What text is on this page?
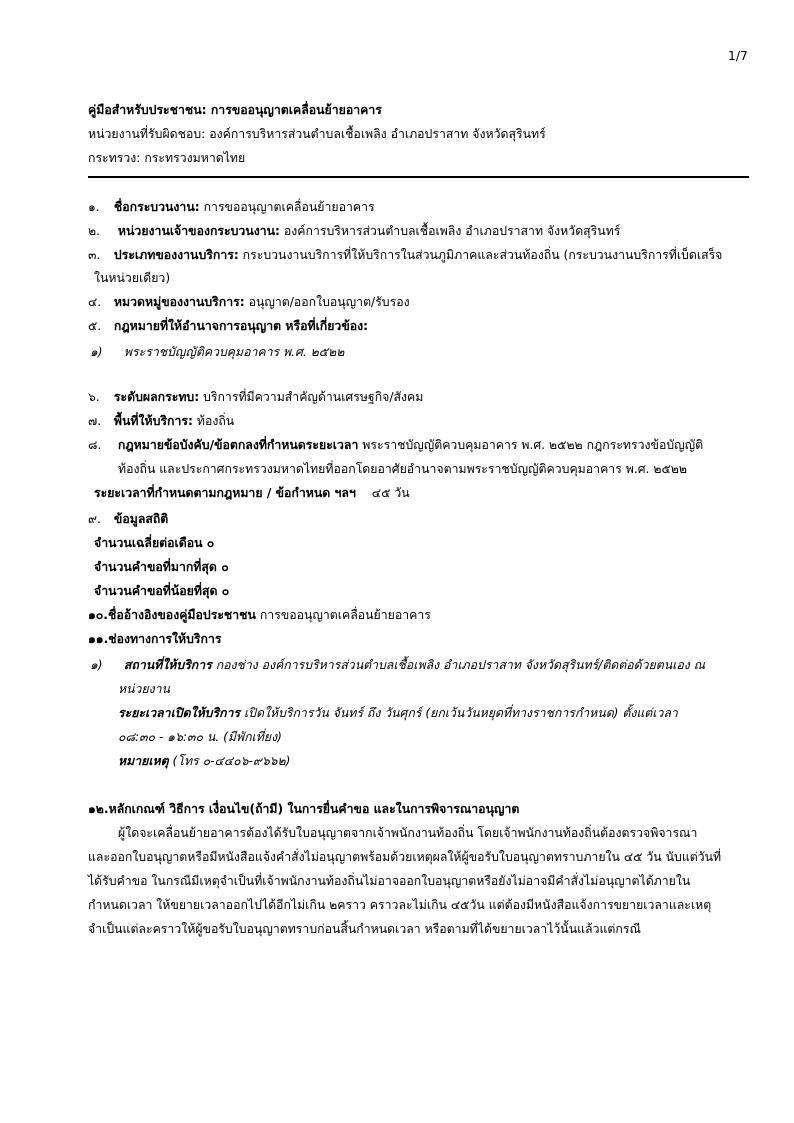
1/7
คู่มือสำหรับประชาชน: การขออนุญาตเคลื่อนย้ายอาคาร
หน่วยงานที่รับผิดชอบ: องค์การบริหารส่วนตำบลเชื้อเพลิง อำเภอปราสาท จังหวัดสุรินทร์
กระทรวง: กระทรวงมหาดไทย
๑. ชื่อกระบวนงาน: การขออนุญาตเคลื่อนย้ายอาคาร
๒. หน่วยงานเจ้าของกระบวนงาน: องค์การบริหารส่วนตำบลเชื้อเพลิง อำเภอปราสาท จังหวัดสุรินทร์
๓. ประเภทของงานบริการ: กระบวนงานบริการที่ให้บริการในส่วนภูมิภาคและส่วนท้องถิ่น (กระบวนงานบริการที่เบ็ดเสร็จ
ในหน่วยเดียว)
๔. หมวดหมู่ของงานบริการ: อนุญาต/ออกใบอนุญาต/รับรอง
๕. กฎหมายที่ให้อำนาจการอนุญาต หรือที่เกี่ยวข้อง:
๑) พระราชบัญญัติควบคุมอาคาร พ.ศ. ๒๕๒๒
๖. ระดับผลกระทบ: บริการที่มีความสำคัญด้านเศรษฐกิจ/สังคม
๗. พื้นที่ให้บริการ: ท้องถิ่น
๘. กฎหมายข้อบังคับ/ข้อตกลงที่กำหนดระยะเวลา พระราชบัญญัติควบคุมอาคาร พ.ศ. ๒๕๒๒ กฎกระทรวงข้อบัญญัติ
ท้องถิ่น และประกาศกระทรวงมหาดไทยที่ออกโดยอาศัยอำนาจตามพระราชบัญญัติควบคุมอาคาร พ.ศ. ๒๕๒๒
ระยะเวลาที่กำหนดตามกฎหมาย / ข้อกำหนด ฯลฯ ๔๕ วัน
๙. ข้อมูลสถิติ
จำนวนเฉลี่ยต่อเดือน ๐
จำนวนคำขอที่มากที่สุด ๐
จำนวนคำขอที่น้อยที่สุด ๐
๑๐.ชื่ออ้างอิงของคู่มือประชาชน การขออนุญาตเคลื่อนย้ายอาคาร
๑๑.ช่องทางการให้บริการ
๑) สถานที่ให้บริการ กองช่าง องค์การบริหารส่วนตำบลเชื้อเพลิง อำเภอปราสาท จังหวัดสุรินทร์/ติดต่อด้วยตนเอง ณ
หน่วยงาน
ระยะเวลาเปิดให้บริการ เปิดให้บริการวัน จันทร์ ถึง วันศุกร์ (ยกเว้นวันหยุดที่ทางราชการกำหนด) ตั้งแต่เวลา
๐๘:๓๐ - ๑๖:๓๐ น. (มีพักเที่ยง)
หมายเหตุ (โทร ๐-๔๔๐๖-๙๖๖๒)
๑๒.หลักเกณฑ์ วิธีการ เงื่อนไข(ถ้ามี) ในการยื่นคำขอ และในการพิจารณาอนุญาต
ผู้ใดจะเคลื่อนย้ายอาคารต้องได้รับใบอนุญาตจากเจ้าพนักงานท้องถิ่น โดยเจ้าพนักงานท้องถิ่นต้องตรวจพิจารณา
และออกใบอนุญาตหรือมีหนังสือแจ้งคำสั่งไม่อนุญาตพร้อมด้วยเหตุผลให้ผู้ขอรับใบอนุญาตทราบภายใน ๔๕ วัน นับแต่วันที่
ได้รับคำขอ ในกรณีมีเหตุจำเป็นที่เจ้าพนักงานท้องถิ่นไม่อาจออกใบอนุญาตหรือยังไม่อาจมีคำสั่งไม่อนุญาตได้ภายใน
กำหนดเวลา ให้ขยายเวลาออกไปได้อีกไม่เกิน ๒คราว คราวละไม่เกิน ๔๕วัน แต่ต้องมีหนังสือแจ้งการขยายเวลาและเหตุ
จำเป็นแต่ละคราวให้ผู้ขอรับใบอนุญาตทราบก่อนสิ้นกำหนดเวลา หรือตามที่ได้ขยายเวลาไว้นั้นแล้วแต่กรณี
